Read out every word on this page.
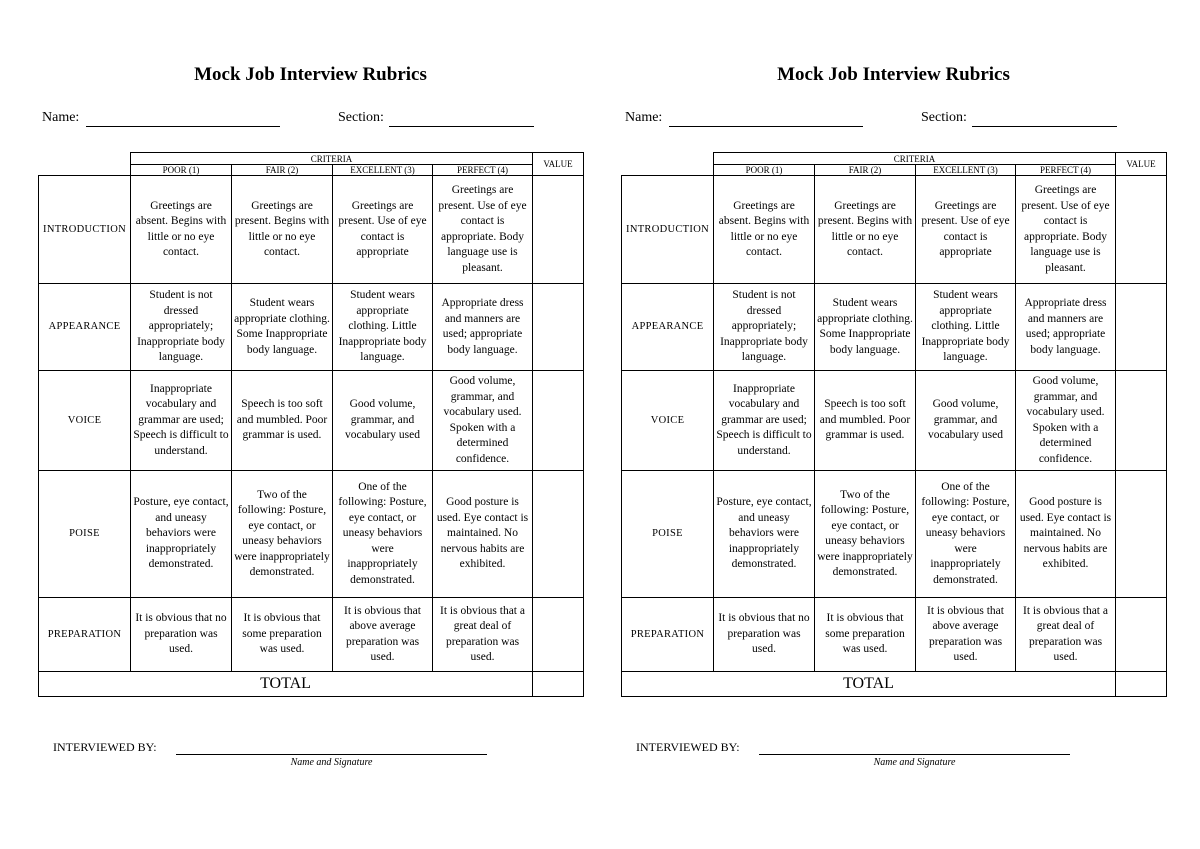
Mock Job Interview Rubrics
Name:	Section:
	CRITERIA				VALUE
	POOR (1)	FAIR (2)	EXCELLENT (3)	PERFECT (4)	
INTRODUCTION	Greetings are absent. Begins with little or no eye contact.	Greetings are present. Begins with little or no eye contact.	Greetings are present. Use of eye contact is appropriate	Greetings are present. Use of eye contact is appropriate. Body language use is pleasant.	
APPEARANCE	Student is not dressed appropriately; Inappropriate body language.	Student wears appropriate clothing. Some Inappropriate body language.	Student wears appropriate clothing. Little Inappropriate body language.	Appropriate dress and manners are used; appropriate body language.	
VOICE	Inappropriate vocabulary and grammar are used; Speech is difficult to understand.	Speech is too soft and mumbled. Poor grammar is used.	Good volume, grammar, and vocabulary used	Good volume, grammar, and vocabulary used. Spoken with a determined confidence.	
POISE	Posture, eye contact, and uneasy behaviors were inappropriately demonstrated.	Two of the following: Posture, eye contact, or uneasy behaviors were inappropriately demonstrated.	One of the following: Posture, eye contact, or uneasy behaviors were inappropriately demonstrated.	Good posture is used. Eye contact is maintained. No nervous habits are exhibited.	
PREPARATION	It is obvious that no preparation was used.	It is obvious that some preparation was used.	It is obvious that above average preparation was used.	It is obvious that a great deal of preparation was used.	
TOTAL					
INTERVIEWED BY:
Name and Signature
Mock Job Interview Rubrics
Name:	Section:
	CRITERIA				VALUE
	POOR (1)	FAIR (2)	EXCELLENT (3)	PERFECT (4)	
INTRODUCTION	Greetings are absent. Begins with little or no eye contact.	Greetings are present. Begins with little or no eye contact.	Greetings are present. Use of eye contact is appropriate	Greetings are present. Use of eye contact is appropriate. Body language use is pleasant.	
APPEARANCE	Student is not dressed appropriately; Inappropriate body language.	Student wears appropriate clothing. Some Inappropriate body language.	Student wears appropriate clothing. Little Inappropriate body language.	Appropriate dress and manners are used; appropriate body language.	
VOICE	Inappropriate vocabulary and grammar are used; Speech is difficult to understand.	Speech is too soft and mumbled. Poor grammar is used.	Good volume, grammar, and vocabulary used	Good volume, grammar, and vocabulary used. Spoken with a determined confidence.	
POISE	Posture, eye contact, and uneasy behaviors were inappropriately demonstrated.	Two of the following: Posture, eye contact, or uneasy behaviors were inappropriately demonstrated.	One of the following: Posture, eye contact, or uneasy behaviors were inappropriately demonstrated.	Good posture is used. Eye contact is maintained. No nervous habits are exhibited.	
PREPARATION	It is obvious that no preparation was used.	It is obvious that some preparation was used.	It is obvious that above average preparation was used.	It is obvious that a great deal of preparation was used.	
TOTAL					
INTERVIEWED BY:
Name and Signature
